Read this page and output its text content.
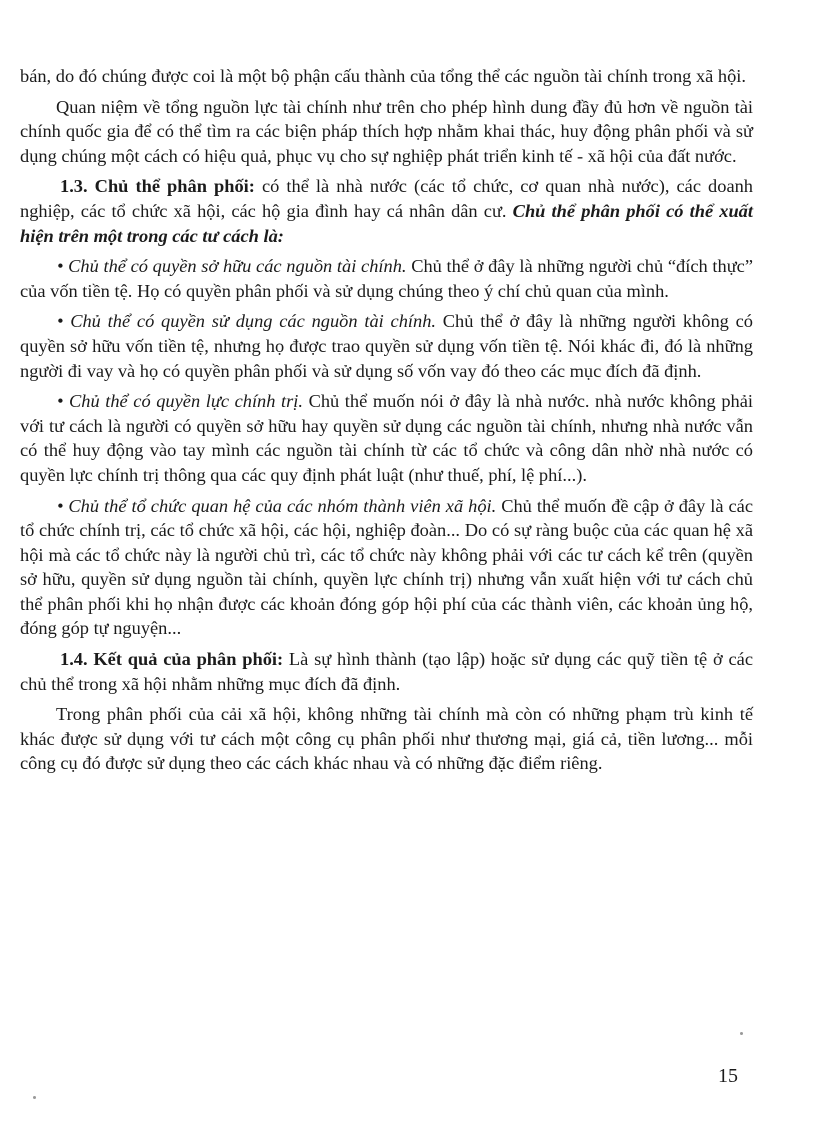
bán, do đó chúng được coi là một bộ phận cấu thành của tổng thể các nguồn tài chính trong xã hội.

Quan niệm về tổng nguồn lực tài chính như trên cho phép hình dung đầy đủ hơn về nguồn tài chính quốc gia để có thể tìm ra các biện pháp thích hợp nhằm khai thác, huy động phân phối và sử dụng chúng một cách có hiệu quả, phục vụ cho sự nghiệp phát triển kinh tế - xã hội của đất nước.

1.3. Chủ thể phân phối: có thể là nhà nước (các tổ chức, cơ quan nhà nước), các doanh nghiệp, các tổ chức xã hội, các hộ gia đình hay cá nhân dân cư. Chủ thể phân phối có thể xuất hiện trên một trong các tư cách là:

• Chủ thể có quyền sở hữu các nguồn tài chính. Chủ thể ở đây là những người chủ “đích thực” của vốn tiền tệ. Họ có quyền phân phối và sử dụng chúng theo ý chí chủ quan của mình.

• Chủ thể có quyền sử dụng các nguồn tài chính. Chủ thể ở đây là những người không có quyền sở hữu vốn tiền tệ, nhưng họ được trao quyền sử dụng vốn tiền tệ. Nói khác đi, đó là những người đi vay và họ có quyền phân phối và sử dụng số vốn vay đó theo các mục đích đã định.

• Chủ thể có quyền lực chính trị. Chủ thể muốn nói ở đây là nhà nước. nhà nước không phải với tư cách là người có quyền sở hữu hay quyền sử dụng các nguồn tài chính, nhưng nhà nước vẫn có thể huy động vào tay mình các nguồn tài chính từ các tổ chức và công dân nhờ nhà nước có quyền lực chính trị thông qua các quy định phát luật (như thuế, phí, lệ phí...).

• Chủ thể tổ chức quan hệ của các nhóm thành viên xã hội. Chủ thể muốn đề cập ở đây là các tổ chức chính trị, các tổ chức xã hội, các hội, nghiệp đoàn... Do có sự ràng buộc của các quan hệ xã hội mà các tổ chức này là người chủ trì, các tổ chức này không phải với các tư cách kể trên (quyền sở hữu, quyền sử dụng nguồn tài chính, quyền lực chính trị) nhưng vẫn xuất hiện với tư cách chủ thể phân phối khi họ nhận được các khoản đóng góp hội phí của các thành viên, các khoản ủng hộ, đóng góp tự nguyện...

1.4. Kết quả của phân phối: Là sự hình thành (tạo lập) hoặc sử dụng các quỹ tiền tệ ở các chủ thể trong xã hội nhằm những mục đích đã định.

Trong phân phối của cải xã hội, không những tài chính mà còn có những phạm trù kinh tế khác được sử dụng với tư cách một công cụ phân phối như thương mại, giá cả, tiền lương... mỗi công cụ đó được sử dụng theo các cách khác nhau và có những đặc điểm riêng.

15
